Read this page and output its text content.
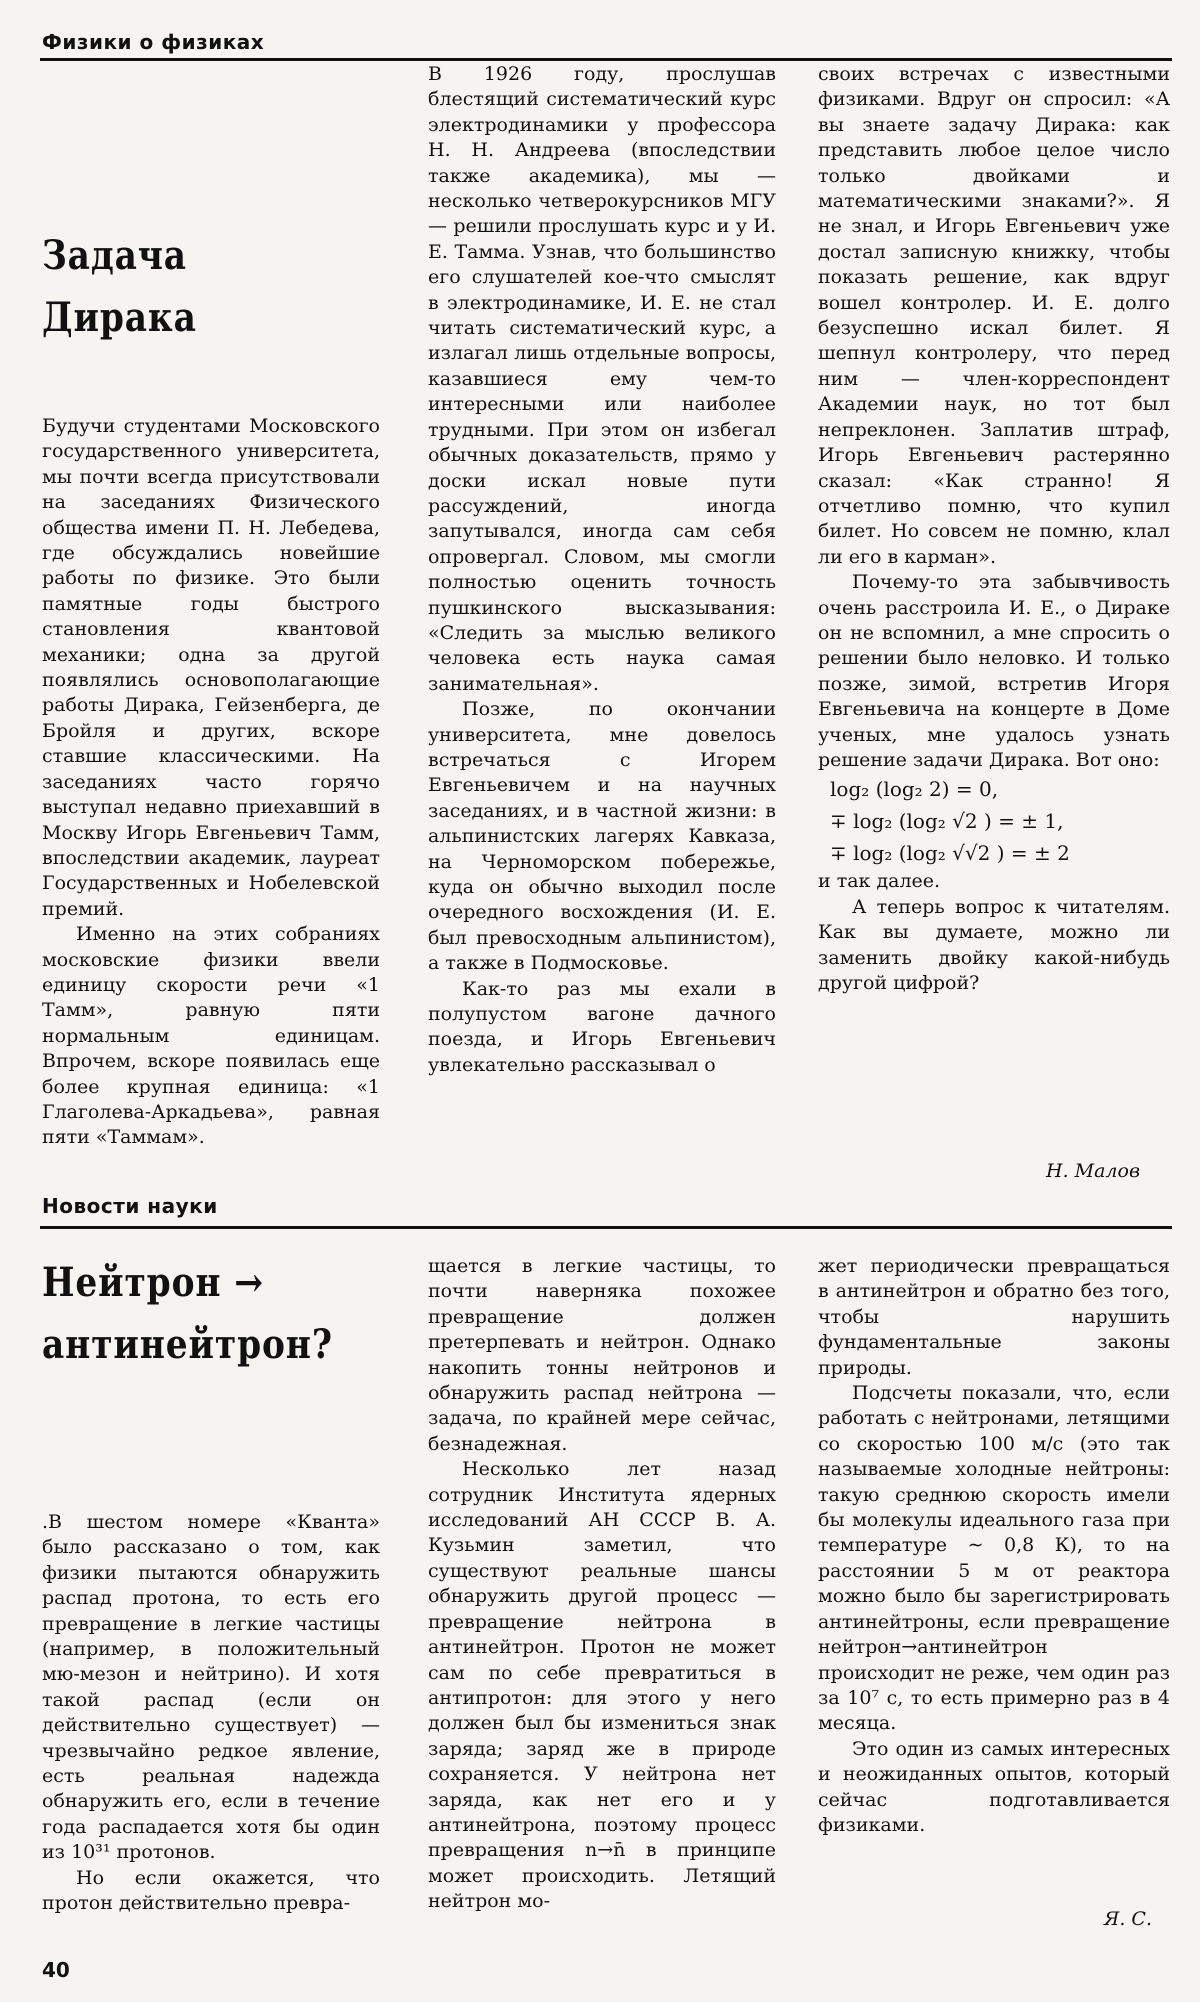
Физики о физиках
Задача
Дирака

Будучи студентами Московского государственного университета, мы почти всегда присутствовали на заседаниях Физического общества имени П. Н. Лебедева, где обсуждались новейшие работы по физике. Это были памятные годы быстрого становления квантовой механики; одна за другой появлялись основополагающие работы Дирака, Гейзенберга, де Бройля и других, вскоре ставшие классическими. На заседаниях часто горячо выступал недавно приехавший в Москву Игорь Евгеньевич Тамм, впоследствии академик, лауреат Государственных и Нобелевской премий.

Именно на этих собраниях московские физики ввели единицу скорости речи «1 Тамм», равную пяти нормальным единицам. Впрочем, вскоре появилась еще более крупная единица: «1 Глаголева-Аркадьева», равная пяти «Таммам».

В 1926 году, прослушав блестящий систематический курс электродинамики у профессора Н. Н. Андреева (впоследствии также академика), мы — несколько четверокурсников МГУ — решили прослушать курс и у И. Е. Тамма. Узнав, что большинство его слушателей кое-что смыслят в электродинамике, И. Е. не стал читать систематический курс, а излагал лишь отдельные вопросы, казавшиеся ему чем-то интересными или наиболее трудными. При этом он избегал обычных доказательств, прямо у доски искал новые пути рассуждений, иногда запутывался, иногда сам себя опровергал. Словом, мы смогли полностью оценить точность пушкинского высказывания: «Следить за мыслью великого человека есть наука самая занимательная».

Позже, по окончании университета, мне довелось встречаться с Игорем Евгеньевичем и на научных заседаниях, и в частной жизни: в альпинистских лагерях Кавказа, на Черноморском побережье, куда он обычно выходил после очередного восхождения (И. Е. был превосходным альпинистом), а также в Подмосковье.

Как-то раз мы ехали в полупустом вагоне дачного поезда, и Игорь Евгеньевич увлекательно рассказывал о

своих встречах с известными физиками. Вдруг он спросил: «А вы знаете задачу Дирака: как представить любое целое число только двойками и математическими знаками?». Я не знал, и Игорь Евгеньевич уже достал записную книжку, чтобы показать решение, как вдруг вошел контролер. И. Е. долго безуспешно искал билет. Я шепнул контролеру, что перед ним — член-корреспондент Академии наук, но тот был непреклонен. Заплатив штраф, Игорь Евгеньевич растерянно сказал: «Как странно! Я отчетливо помню, что купил билет. Но совсем не помню, клал ли его в карман».

Почему-то эта забывчивость очень расстроила И. Е., о Дираке он не вспомнил, а мне спросить о решении было неловко. И только позже, зимой, встретив Игоря Евгеньевича на концерте в Доме ученых, мне удалось узнать решение задачи Дирака. Вот оно:

log₂ (log₂ 2) = 0,

∓ log₂ (log₂ √2 ) = ± 1,

∓ log₂ (log₂ √√2 ) = ± 2

и так далее.

А теперь вопрос к читателям. Как вы думаете, можно ли заменить двойку какой-нибудь другой цифрой?

Н. Малов
Новости науки
Нейтрон →
антинейтрон?

.В шестом номере «Кванта» было рассказано о том, как физики пытаются обнаружить распад протона, то есть его превращение в легкие частицы (например, в положительный мю-мезон и нейтрино). И хотя такой распад (если он действительно существует) — чрезвычайно редкое явление, есть реальная надежда обнаружить его, если в течение года распадается хотя бы один из 10³¹ протонов.

Но если окажется, что протон действительно превра-

щается в легкие частицы, то почти наверняка похожее превращение должен претерпевать и нейтрон. Однако накопить тонны нейтронов и обнаружить распад нейтрона — задача, по крайней мере сейчас, безнадежная.

Несколько лет назад сотрудник Института ядерных исследований АН СССР В. А. Кузьмин заметил, что существуют реальные шансы обнаружить другой процесс — превращение нейтрона в антинейтрон. Протон не может сам по себе превратиться в антипротон: для этого у него должен был бы измениться знак заряда; заряд же в природе сохраняется. У нейтрона нет заряда, как нет его и у антинейтрона, поэтому процесс превращения n→n̄ в принципе может происходить. Летящий нейтрон мо-

жет периодически превращаться в антинейтрон и обратно без того, чтобы нарушить фундаментальные законы природы.

Подсчеты показали, что, если работать с нейтронами, летящими со скоростью 100 м/с (это так называемые холодные нейтроны: такую среднюю скорость имели бы молекулы идеального газа при температуре ∼ 0,8 К), то на расстоянии 5 м от реактора можно было бы зарегистрировать антинейтроны, если превращение нейтрон→антинейтрон происходит не реже, чем один раз за 10⁷ с, то есть примерно раз в 4 месяца.

Это один из самых интересных и неожиданных опытов, который сейчас подготавливается физиками.

Я. С.
40
